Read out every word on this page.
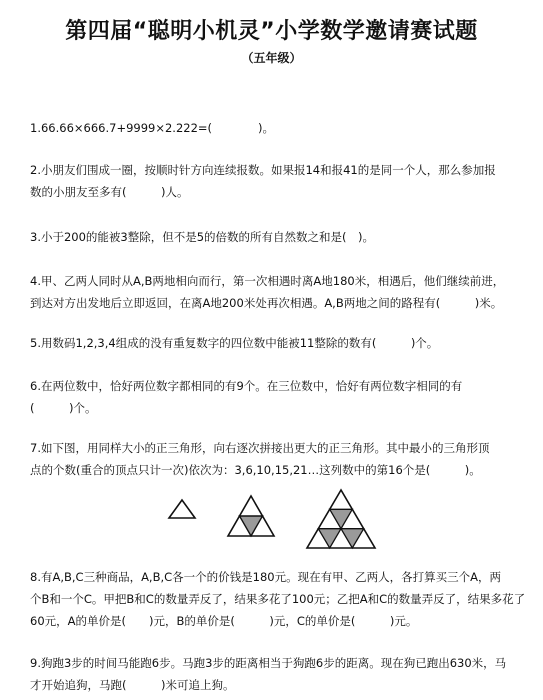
第四届“聪明小机灵”小学数学邀请赛试题
（五年级）
1.66.66×666.7+9999×2.222=(　　　　)。
2.小朋友们围成一圈，按顺时针方向连续报数。如果报14和报41的是同一个人，那么参加报
数的小朋友至多有(　　　)人。
3.小于200的能被3整除，但不是5的倍数的所有自然数之和是(　)。
4.甲、乙两人同时从A,B两地相向而行，第一次相遇时离A地180米，相遇后，他们继续前进，
到达对方出发地后立即返回，在离A地200米处再次相遇。A,B两地之间的路程有(　　　)米。
5.用数码1,2,3,4组成的没有重复数字的四位数中能被11整除的数有(　　　)个。
6.在两位数中，恰好两位数字都相同的有9个。在三位数中，恰好有两位数字相同的有
(　　　)个。
7.如下图，用同样大小的正三角形，向右逐次拼接出更大的正三角形。其中最小的三角形顶
点的个数(重合的顶点只计一次)依次为：3,6,10,15,21…这列数中的第16个是(　　　)。
8.有A,B,C三种商品，A,B,C各一个的价钱是180元。现在有甲、乙两人，各打算买三个A，两
个B和一个C。甲把B和C的数量弄反了，结果多花了100元；乙把A和C的数量弄反了，结果多花了
60元，A的单价是(　　)元，B的单价是(　　　)元，C的单价是(　　　)元。
9.狗跑3步的时间马能跑6步。马跑3步的距离相当于狗跑6步的距离。现在狗已跑出630米，马
才开始追狗，马跑(　　　)米可追上狗。
